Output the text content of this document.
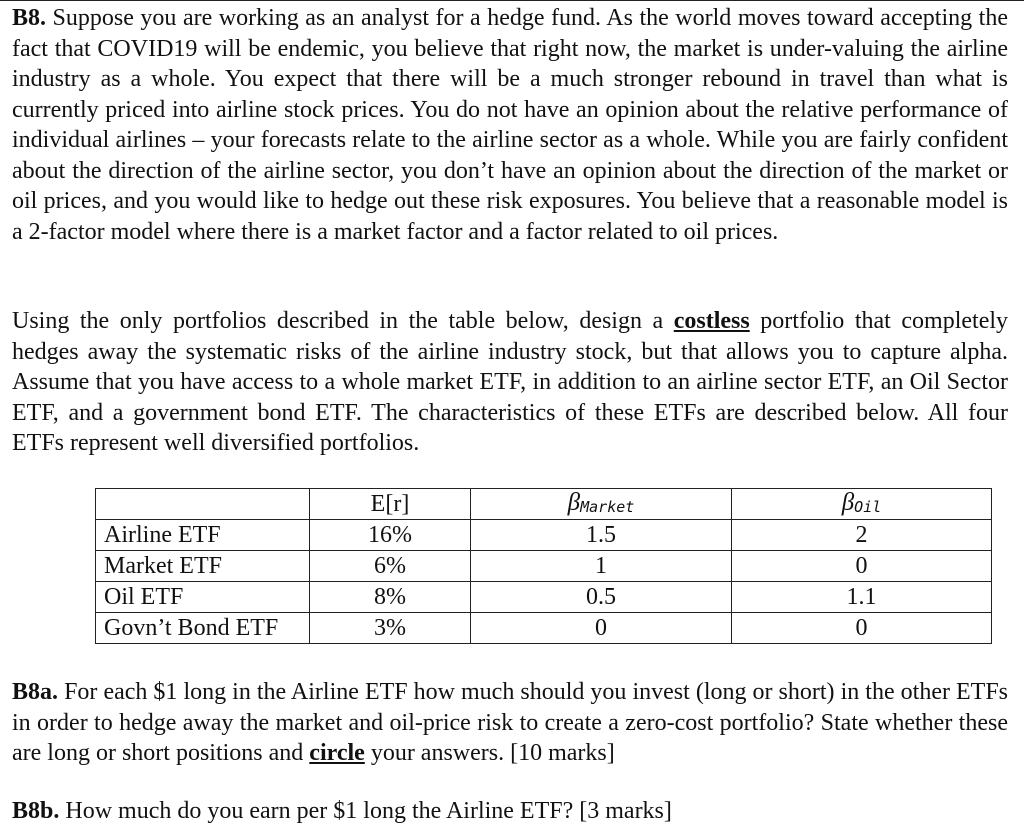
B8. Suppose you are working as an analyst for a hedge fund. As the world moves toward accepting the fact that COVID19 will be endemic, you believe that right now, the market is under-valuing the airline industry as a whole. You expect that there will be a much stronger rebound in travel than what is currently priced into airline stock prices. You do not have an opinion about the relative performance of individual airlines – your forecasts relate to the airline sector as a whole. While you are fairly confident about the direction of the airline sector, you don’t have an opinion about the direction of the market or oil prices, and you would like to hedge out these risk exposures. You believe that a reasonable model is a 2-factor model where there is a market factor and a factor related to oil prices.

Using the only portfolios described in the table below, design a costless portfolio that completely hedges away the systematic risks of the airline industry stock, but that allows you to capture alpha. Assume that you have access to a whole market ETF, in addition to an airline sector ETF, an Oil Sector ETF, and a government bond ETF. The characteristics of these ETFs are described below. All four ETFs represent well diversified portfolios.

	E[r]	βMarket	βOil
Airline ETF	16%	1.5	2
Market ETF	6%	1	0
Oil ETF	8%	0.5	1.1
Govn’t Bond ETF	3%	0	0

B8a. For each $1 long in the Airline ETF how much should you invest (long or short) in the other ETFs in order to hedge away the market and oil-price risk to create a zero-cost portfolio? State whether these are long or short positions and circle your answers. [10 marks]

B8b. How much do you earn per $1 long the Airline ETF? [3 marks]
